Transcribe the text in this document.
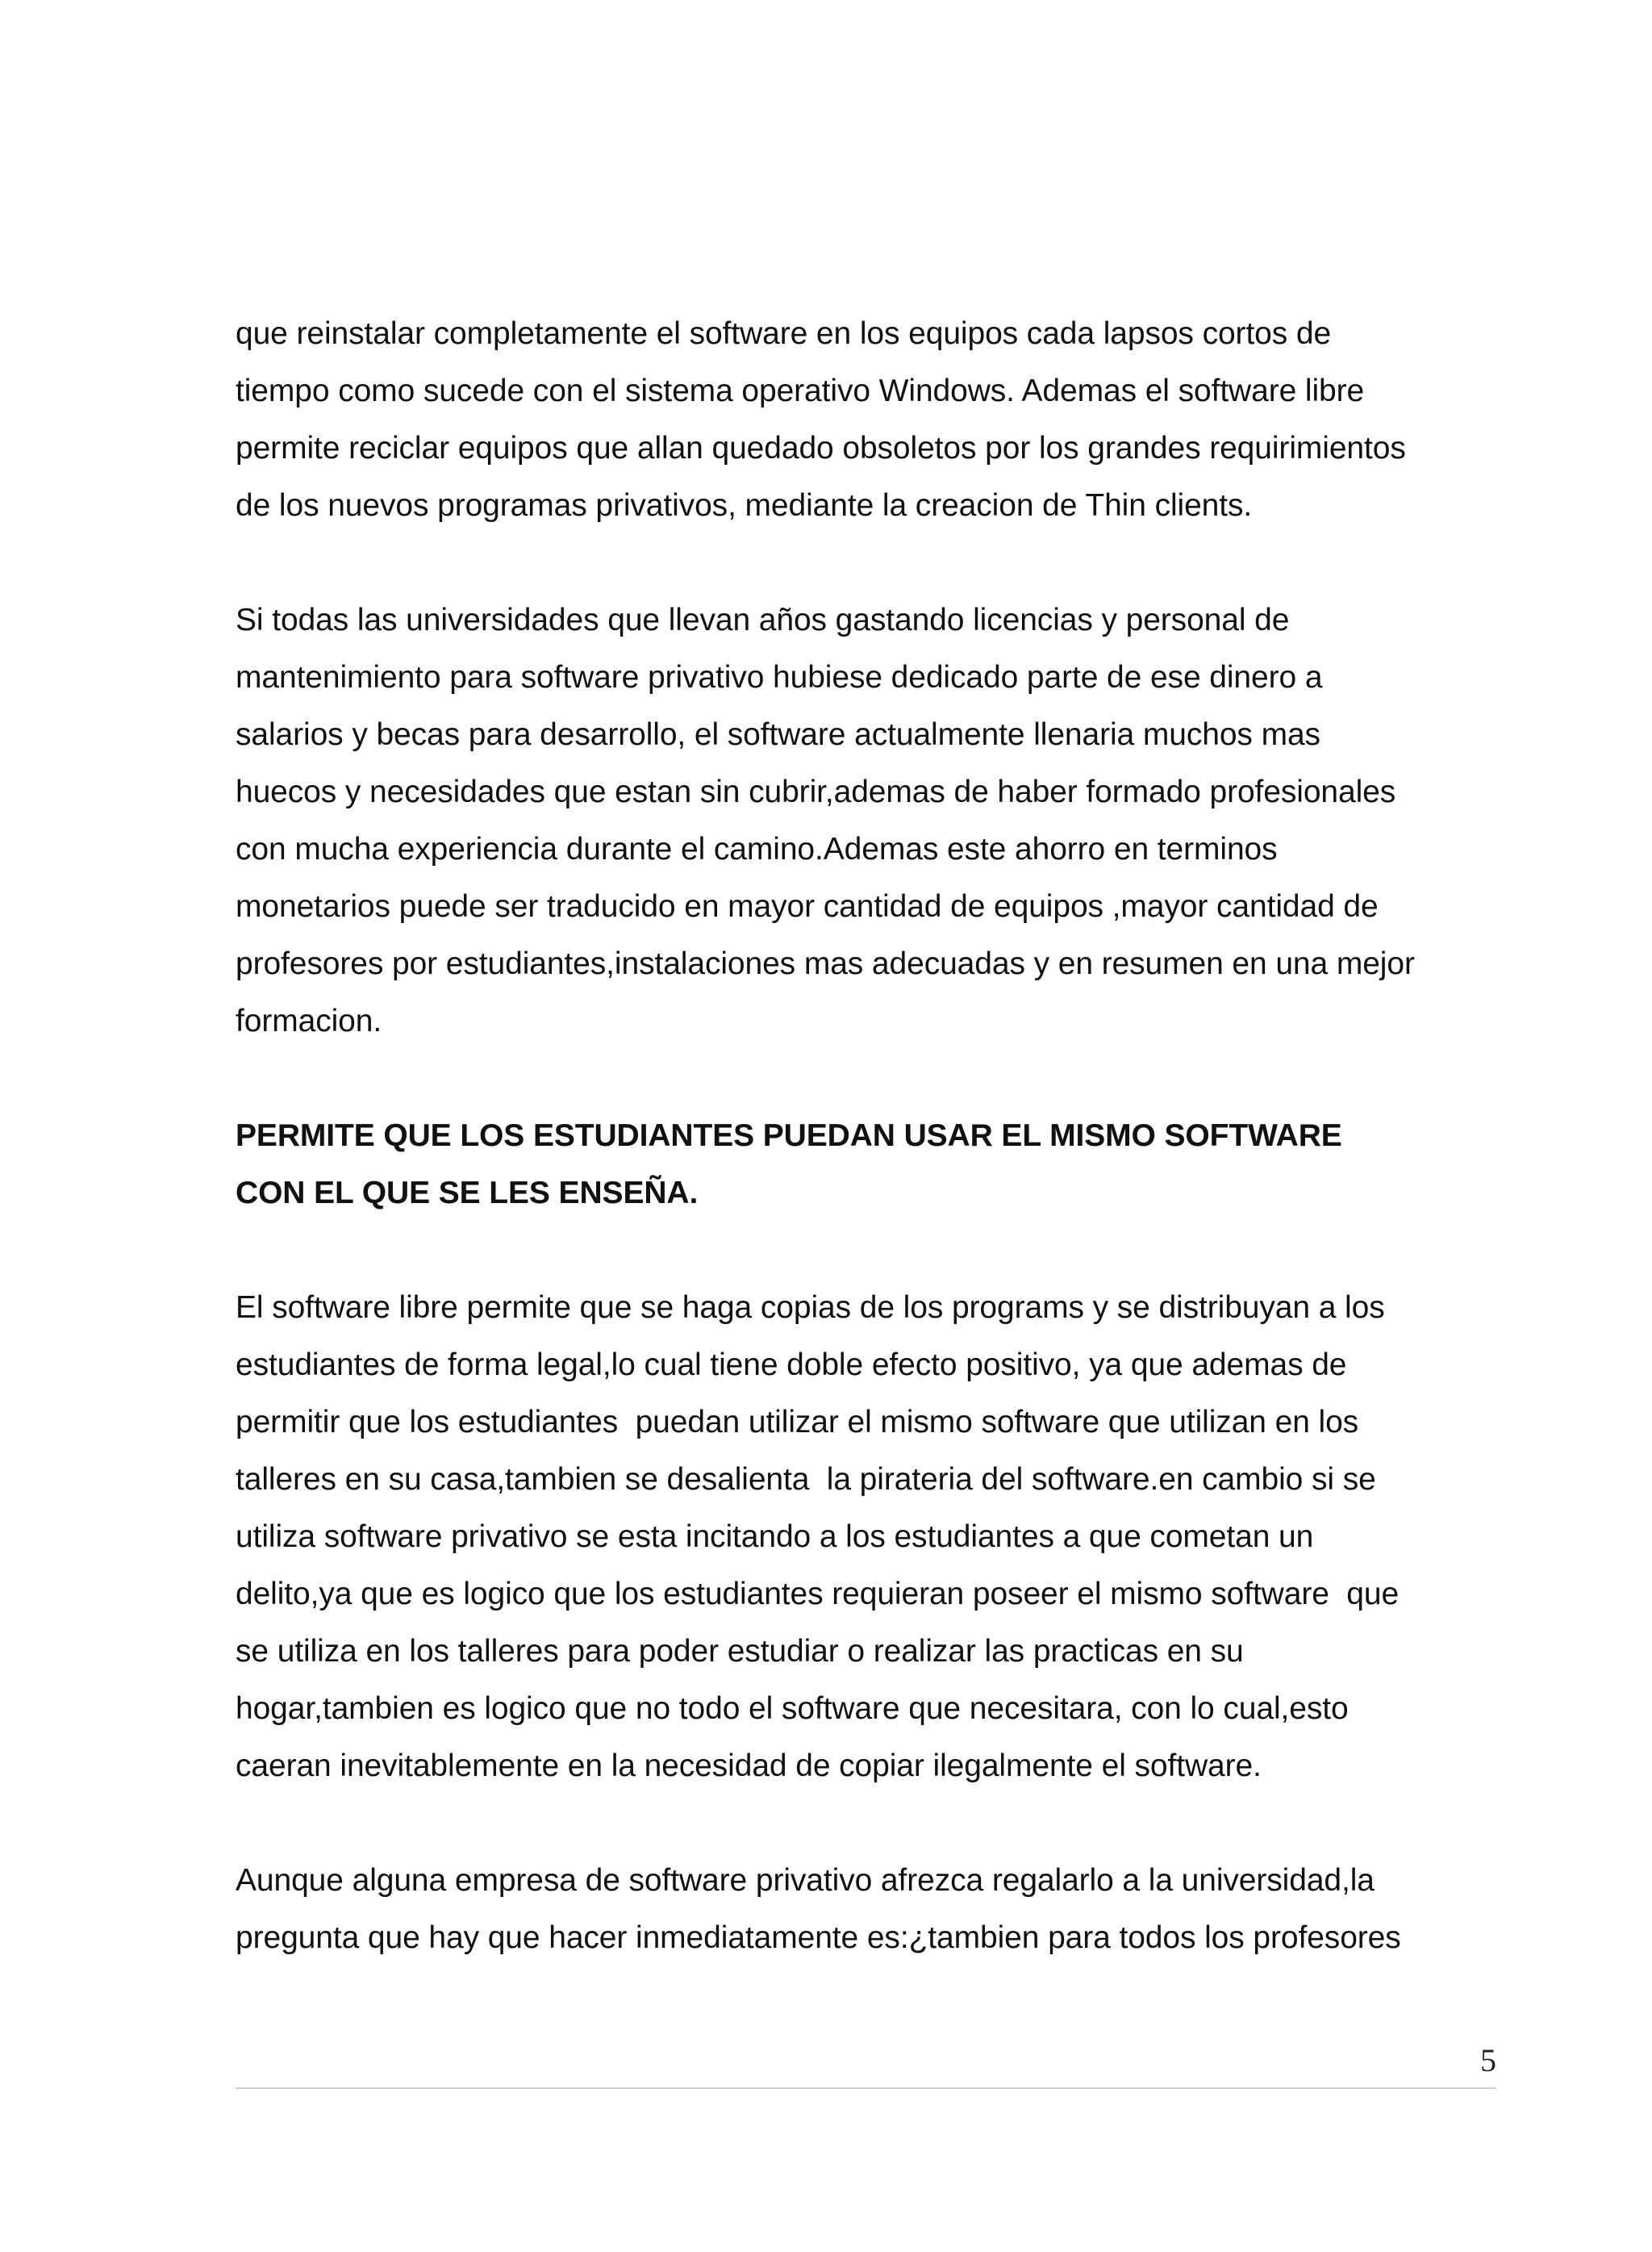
que reinstalar completamente el software en los equipos cada lapsos cortos de
tiempo como sucede con el sistema operativo Windows. Ademas el software libre
permite reciclar equipos que allan quedado obsoletos por los grandes requirimientos
de los nuevos programas privativos, mediante la creacion de Thin clients.
Si todas las universidades que llevan años gastando licencias y personal de
mantenimiento para software privativo hubiese dedicado parte de ese dinero a
salarios y becas para desarrollo, el software actualmente llenaria muchos mas
huecos y necesidades que estan sin cubrir,ademas de haber formado profesionales
con mucha experiencia durante el camino.Ademas este ahorro en terminos
monetarios puede ser traducido en mayor cantidad de equipos ,mayor cantidad de
profesores por estudiantes,instalaciones mas adecuadas y en resumen en una mejor
formacion.
PERMITE QUE LOS ESTUDIANTES PUEDAN USAR EL MISMO SOFTWARE
CON EL QUE SE LES ENSEÑA.
El software libre permite que se haga copias de los programs y se distribuyan a los
estudiantes de forma legal,lo cual tiene doble efecto positivo, ya que ademas de
permitir que los estudiantes  puedan utilizar el mismo software que utilizan en los
talleres en su casa,tambien se desalienta  la pirateria del software.en cambio si se
utiliza software privativo se esta incitando a los estudiantes a que cometan un
delito,ya que es logico que los estudiantes requieran poseer el mismo software  que
se utiliza en los talleres para poder estudiar o realizar las practicas en su
hogar,tambien es logico que no todo el software que necesitara, con lo cual,esto
caeran inevitablemente en la necesidad de copiar ilegalmente el software.
Aunque alguna empresa de software privativo afrezca regalarlo a la universidad,la
pregunta que hay que hacer inmediatamente es:¿tambien para todos los profesores
5
